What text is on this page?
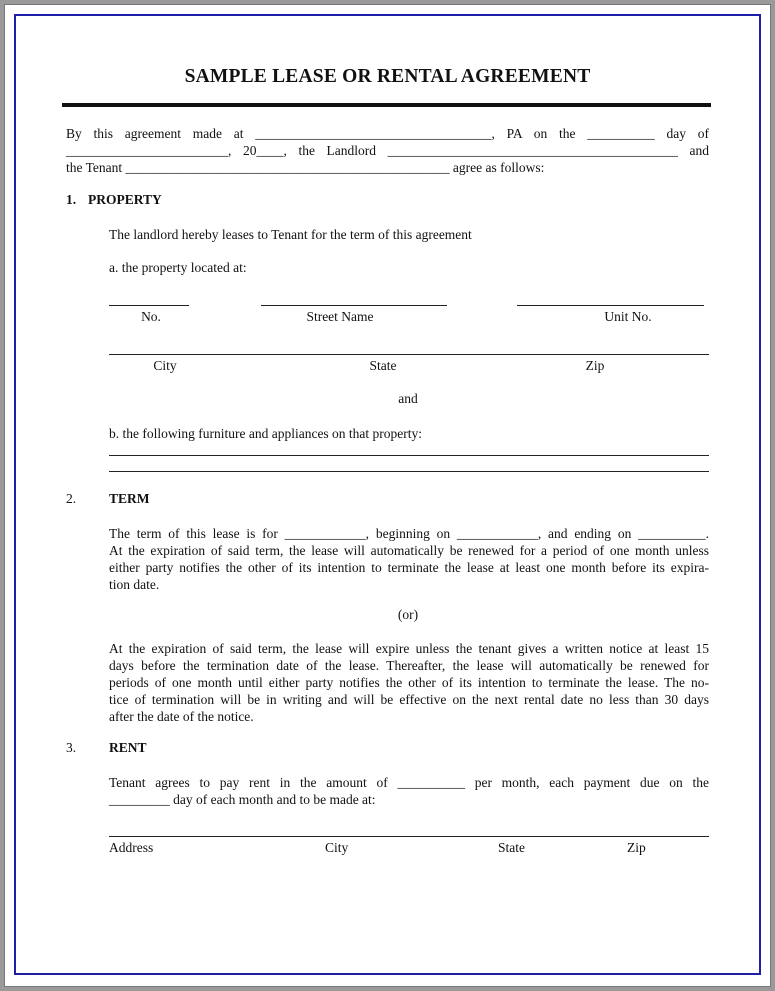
SAMPLE LEASE OR RENTAL AGREEMENT
By this agreement made at ___________________________________, PA on the __________ day of
________________________, 20____, the Landlord ___________________________________________ and
the Tenant ________________________________________________ agree as follows:
1. PROPERTY
The landlord hereby leases to Tenant for the term of this agreement
a. the property located at:
No.	Street Name	Unit No.
City	State	Zip
and
b. the following furniture and appliances on that property:
2. TERM
The term of this lease is for ____________, beginning on ____________, and ending on __________.
At the expiration of said term, the lease will automatically be renewed for a period of one month unless
either party notifies the other of its intention to terminate the lease at least one month before its expira-
tion date.
(or)
At the expiration of said term, the lease will expire unless the tenant gives a written notice at least 15
days before the termination date of the lease. Thereafter, the lease will automatically be renewed for
periods of one month until either party notifies the other of its intention to terminate the lease. The no-
tice of termination will be in writing and will be effective on the next rental date no less than 30 days
after the date of the notice.
3. RENT
Tenant agrees to pay rent in the amount of __________ per month, each payment due on the
_________ day of each month and to be made at:
Address	City	State	Zip
